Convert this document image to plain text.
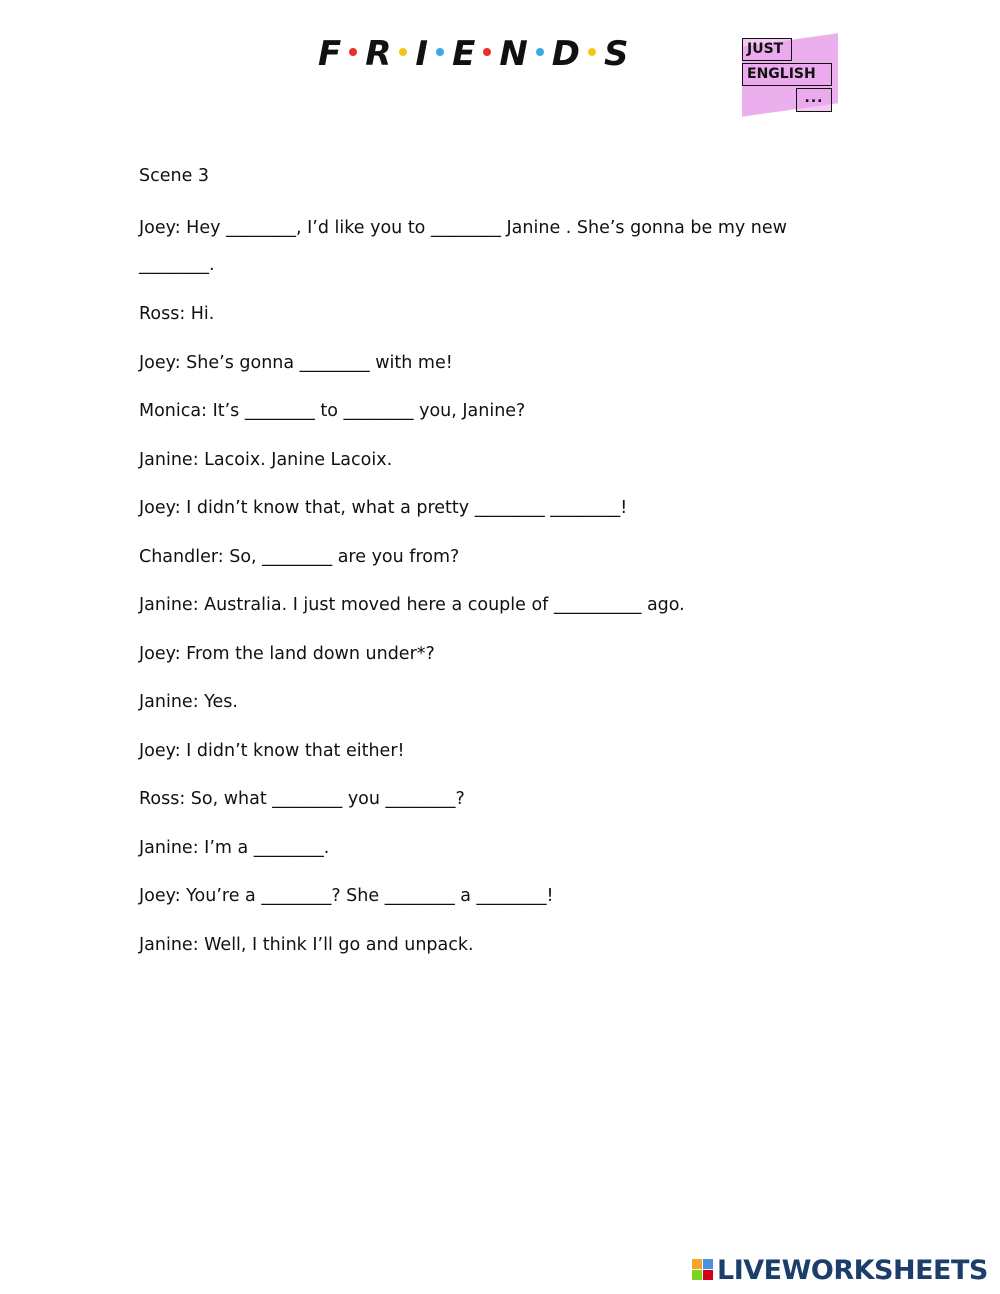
F R I E N D S	JUST
ENGLISH
...
Scene 3
Joey: Hey ________, I’d like you to ________ Janine . She’s gonna be my new ________.
Ross: Hi.
Joey: She’s gonna ________ with me!
Monica: It’s ________ to ________ you, Janine?
Janine: Lacoix. Janine Lacoix.
Joey: I didn’t know that, what a pretty ________ ________!
Chandler: So, ________ are you from?
Janine: Australia. I just moved here a couple of __________ ago.
Joey: From the land down under*?
Janine: Yes.
Joey: I didn’t know that either!
Ross: So, what ________ you ________?
Janine: I’m a ________.
Joey: You’re a ________? She ________ a ________!
Janine: Well, I think I’ll go and unpack.
LIVEWORKSHEETS
